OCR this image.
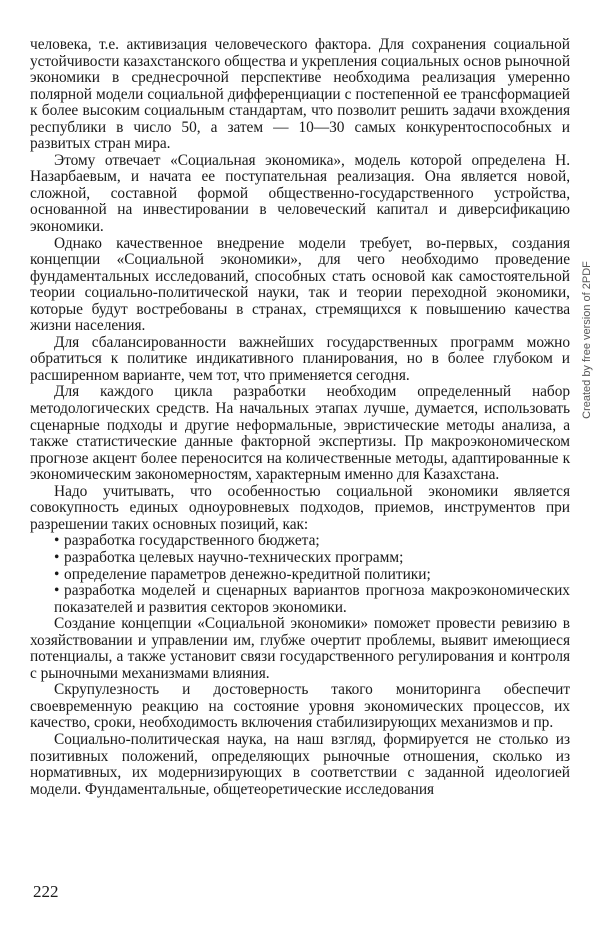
человека, т.е. активизация человеческого фактора. Для сохранения социальной устойчивости казахстанского общества и укрепления социальных основ рыночной экономики в среднесрочной перспективе необходима реализация умеренно полярной модели социальной дифференциации с постепенной ее трансформацией к более высоким социальным стандартам, что позволит решить задачи вхождения республики в число 50, а затем — 10—30 самых конкурентоспособных и развитых стран мира.

Этому отвечает «Социальная экономика», модель которой определена Н. Назарбаевым, и начата ее поступательная реализация. Она является новой, сложной, составной формой общественно-государственного устройства, основанной на инвестировании в человеческий капитал и диверсификацию экономики.

Однако качественное внедрение модели требует, во-первых, создания концепции «Социальной экономики», для чего необходимо проведение фундаментальных исследований, способных стать основой как самостоятельной теории социально-политической науки, так и теории переходной экономики, которые будут востребованы в странах, стремящихся к повышению качества жизни населения.

Для сбалансированности важнейших государственных программ можно обратиться к политике индикативного планирования, но в более глубоком и расширенном варианте, чем тот, что применяется сегодня.

Для каждого цикла разработки необходим определенный набор методологических средств. На начальных этапах лучше, думается, использовать сценарные подходы и другие неформальные, эвристические методы анализа, а также статистические данные факторной экспертизы. Пр макроэкономическом прогнозе акцент более переносится на количественные методы, адаптированные к экономическим закономерностям, характерным именно для Казахстана.

Надо учитывать, что особенностью социальной экономики является совокупность единых одноуровневых подходов, приемов, инструментов при разрешении таких основных позиций, как:

• разработка государственного бюджета;
• разработка целевых научно-технических программ;
• определение параметров денежно-кредитной политики;
• разработка моделей и сценарных вариантов прогноза макроэкономических показателей и развития секторов экономики.

Создание концепции «Социальной экономики» поможет провести ревизию в хозяйствовании и управлении им, глубже очертит проблемы, выявит имеющиеся потенциалы, а также установит связи государственного регулирования и контроля с рыночными механизмами влияния.

Скрупулезность и достоверность такого мониторинга обеспечит своевременную реакцию на состояние уровня экономических процессов, их качество, сроки, необходимость включения стабилизирующих механизмов и пр.

Социально-политическая наука, на наш взгляд, формируется не столько из позитивных положений, определяющих рыночные отношения, сколько из нормативных, их модернизирующих в соответствии с заданной идеологией модели. Фундаментальные, общетеоретические исследования

222

Created by free version of 2PDF
